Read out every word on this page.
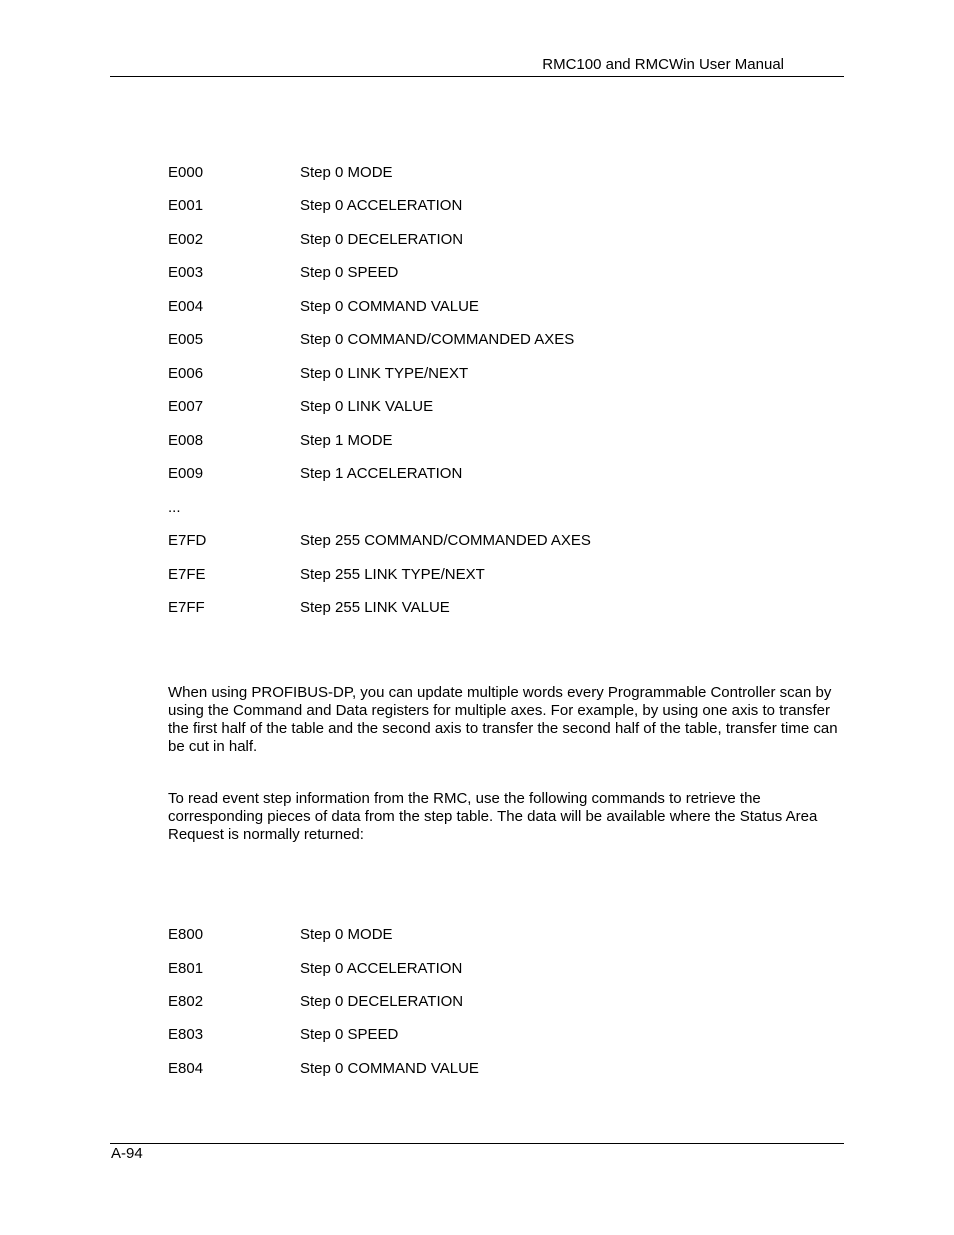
RMC100 and RMCWin User Manual
E000	Step 0 MODE
E001	Step 0 ACCELERATION
E002	Step 0 DECELERATION
E003	Step 0 SPEED
E004	Step 0 COMMAND VALUE
E005	Step 0 COMMAND/COMMANDED AXES
E006	Step 0 LINK TYPE/NEXT
E007	Step 0 LINK VALUE
E008	Step 1 MODE
E009	Step 1 ACCELERATION
...
E7FD	Step 255 COMMAND/COMMANDED AXES
E7FE	Step 255 LINK TYPE/NEXT
E7FF	Step 255 LINK VALUE

When using PROFIBUS-DP, you can update multiple words every Programmable Controller scan by using the Command and Data registers for multiple axes. For example, by using one axis to transfer the first half of the table and the second axis to transfer the second half of the table, transfer time can be cut in half.

To read event step information from the RMC, use the following commands to retrieve the corresponding pieces of data from the step table. The data will be available where the Status Area Request is normally returned:

E800	Step 0 MODE
E801	Step 0 ACCELERATION
E802	Step 0 DECELERATION
E803	Step 0 SPEED
E804	Step 0 COMMAND VALUE
A-94
